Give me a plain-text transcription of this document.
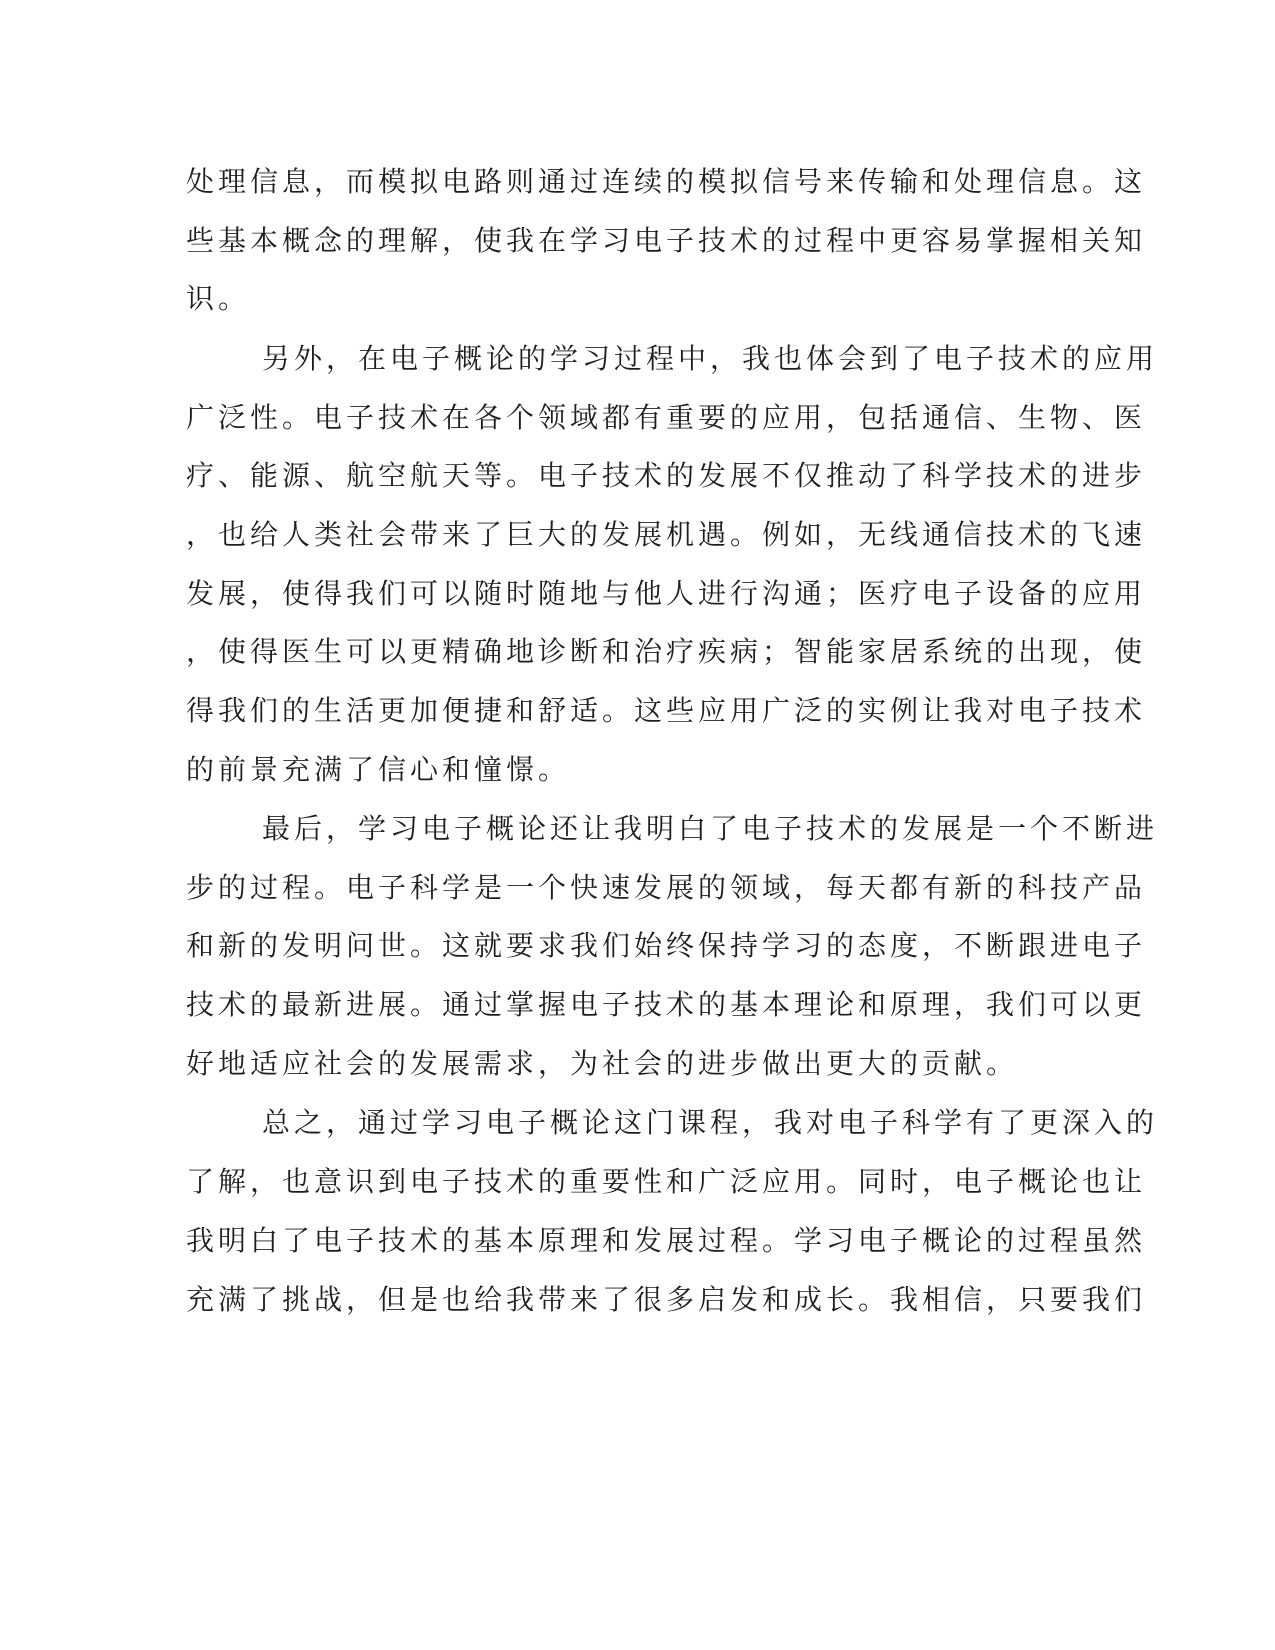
处理信息，而模拟电路则通过连续的模拟信号来传输和处理信息。这

些基本概念的理解，使我在学习电子技术的过程中更容易掌握相关知

识。

另外，在电子概论的学习过程中，我也体会到了电子技术的应用

广泛性。电子技术在各个领域都有重要的应用，包括通信、生物、医

疗、能源、航空航天等。电子技术的发展不仅推动了科学技术的进步

，也给人类社会带来了巨大的发展机遇。例如，无线通信技术的飞速

发展，使得我们可以随时随地与他人进行沟通；医疗电子设备的应用

，使得医生可以更精确地诊断和治疗疾病；智能家居系统的出现，使

得我们的生活更加便捷和舒适。这些应用广泛的实例让我对电子技术

的前景充满了信心和憧憬。

最后，学习电子概论还让我明白了电子技术的发展是一个不断进

步的过程。电子科学是一个快速发展的领域，每天都有新的科技产品

和新的发明问世。这就要求我们始终保持学习的态度，不断跟进电子

技术的最新进展。通过掌握电子技术的基本理论和原理，我们可以更

好地适应社会的发展需求，为社会的进步做出更大的贡献。

总之，通过学习电子概论这门课程，我对电子科学有了更深入的

了解，也意识到电子技术的重要性和广泛应用。同时，电子概论也让

我明白了电子技术的基本原理和发展过程。学习电子概论的过程虽然

充满了挑战，但是也给我带来了很多启发和成长。我相信，只要我们
